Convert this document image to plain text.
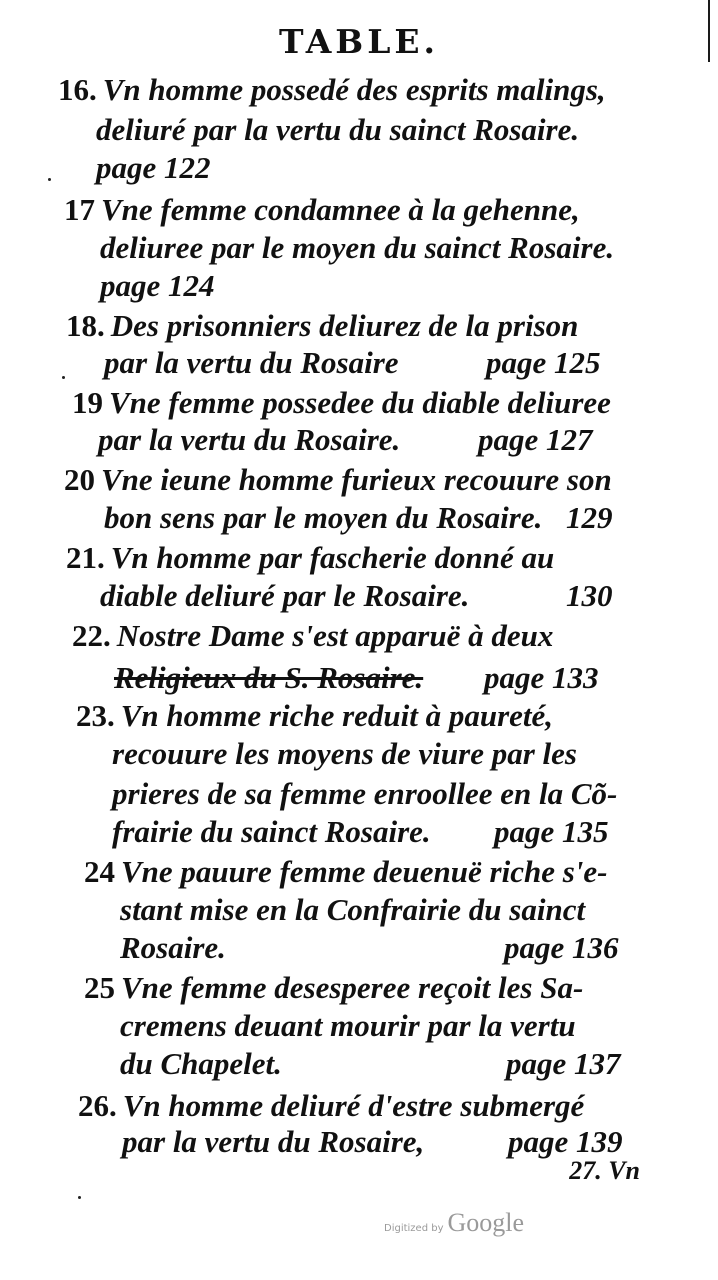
TABLE.
16. Vn homme possedé des esprits malings,
deliuré par la vertu du sainct Rosaire.
page 122
17 Vne femme condamnee à la gehenne,
deliuree par le moyen du sainct Rosaire.
page 124
18. Des prisonniers deliurez de la prison
par la vertu du Rosaire	page 125
19 Vne femme possedee du diable deliuree
par la vertu du Rosaire.	page 127
20 Vne ieune homme furieux recouure son
bon sens par le moyen du Rosaire. 129
21. Vn homme par fascherie donné au
diable deliuré par le Rosaire.	130
22. Nostre Dame s'est apparuë à deux
Religieux du S. Rosaire. page 133
23. Vn homme riche reduit à paureté,
recouure les moyens de viure par les
prieres de sa femme enroollee en la Cõ-
frairie du sainct Rosaire. page 135
24 Vne pauure femme deuenuë riche s'e-
stant mise en la Confrairie du sainct
Rosaire.	page 136
25 Vne femme desesperee reçoit les Sa-
cremens deuant mourir par la vertu
du Chapelet.	page 137
26. Vn homme deliuré d'estre submergé
par la vertu du Rosaire,	page 139
27. Vn
Digitized by Google
